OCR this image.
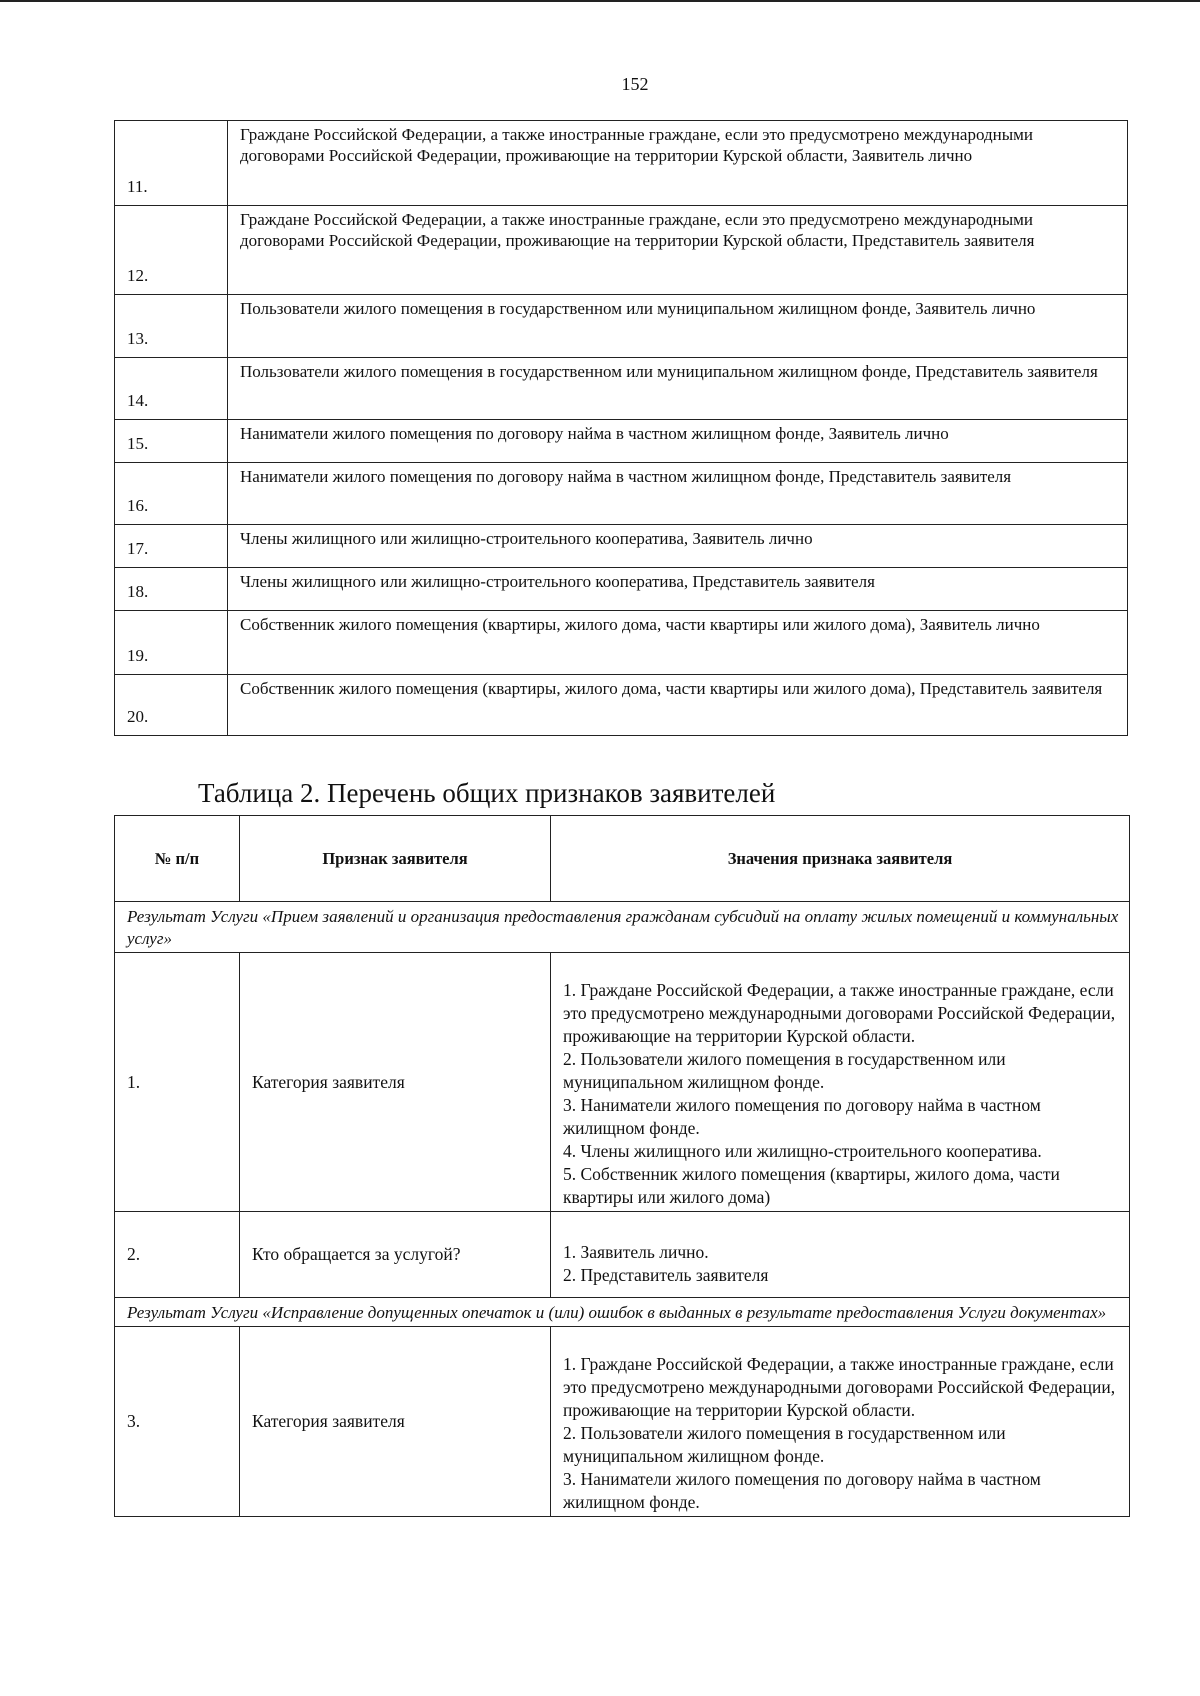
152
11.	Граждане Российской Федерации, а также иностранные граждане, если это предусмотрено международными договорами Российской Федерации, проживающие на территории Курской области, Заявитель лично
12.	Граждане Российской Федерации, а также иностранные граждане, если это предусмотрено международными договорами Российской Федерации, проживающие на территории Курской области, Представитель заявителя
13.	Пользователи жилого помещения в государственном или муниципальном жилищном фонде, Заявитель лично
14.	Пользователи жилого помещения в государственном или муниципальном жилищном фонде, Представитель заявителя
15.	Наниматели жилого помещения по договору найма в частном жилищном фонде, Заявитель лично
16.	Наниматели жилого помещения по договору найма в частном жилищном фонде, Представитель заявителя
17.	Члены жилищного или жилищно-строительного кооператива, Заявитель лично
18.	Члены жилищного или жилищно-строительного кооператива, Представитель заявителя
19.	Собственник жилого помещения (квартиры, жилого дома, части квартиры или жилого дома), Заявитель лично
20.	Собственник жилого помещения (квартиры, жилого дома, части квартиры или жилого дома), Представитель заявителя
Таблица 2. Перечень общих признаков заявителей
№ п/п	Признак заявителя	Значения признака заявителя
Результат Услуги «Прием заявлений и организация предоставления гражданам субсидий на оплату жилых помещений и коммунальных услуг»		
1.	Категория заявителя	1. Граждане Российской Федерации, а также иностранные граждане, если это предусмотрено международными договорами Российской Федерации, проживающие на территории Курской области.
2. Пользователи жилого помещения в государственном или муниципальном жилищном фонде.
3. Наниматели жилого помещения по договору найма в частном жилищном фонде.
4. Члены жилищного или жилищно-строительного кооператива.
5. Собственник жилого помещения (квартиры, жилого дома, части квартиры или жилого дома)

2.	Кто обращается за услугой?	1. Заявитель лично.
2. Представитель заявителя

Результат Услуги «Исправление допущенных опечаток и (или) ошибок в выданных в результате предоставления Услуги документах»		
3.	Категория заявителя	1. Граждане Российской Федерации, а также иностранные граждане, если это предусмотрено международными договорами Российской Федерации, проживающие на территории Курской области.
2. Пользователи жилого помещения в государственном или муниципальном жилищном фонде.
3. Наниматели жилого помещения по договору найма в частном жилищном фонде.
